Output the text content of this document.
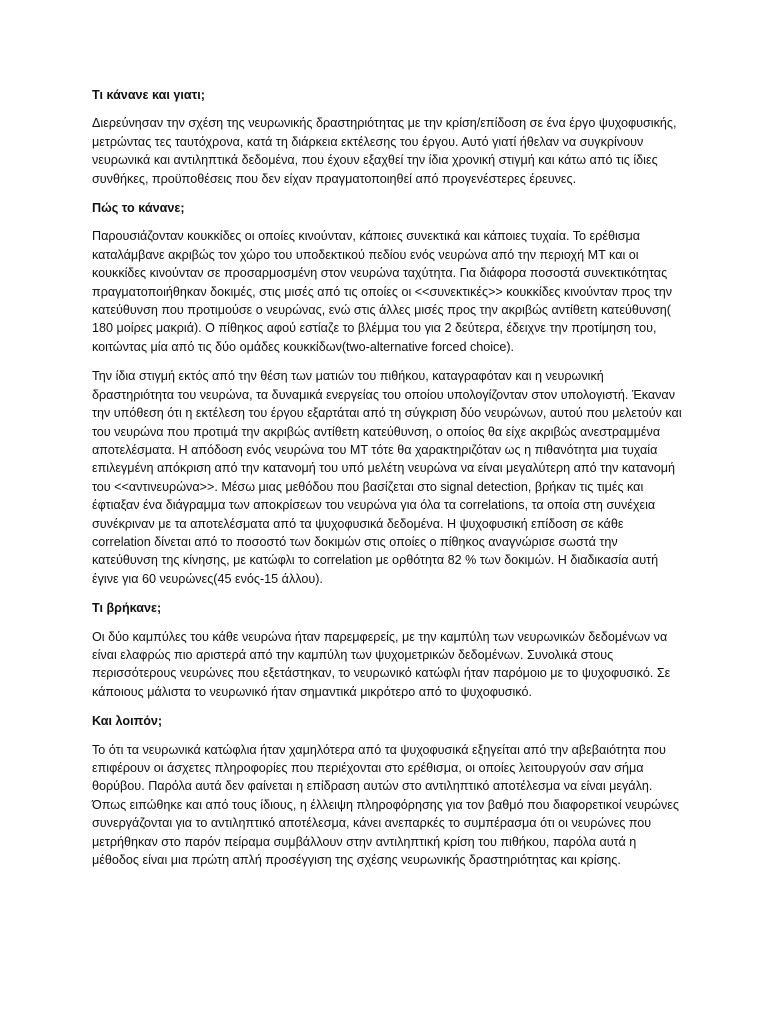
Τι κάνανε και γιατι;
Διερεύνησαν την σχέση της νευρωνικής δραστηριότητας με την κρίση/επίδοση σε ένα έργο ψυχοφυσικής, μετρώντας τες ταυτόχρονα, κατά τη διάρκεια εκτέλεσης του έργου. Αυτό γιατί ήθελαν να συγκρίνουν νευρωνικά και αντιληπτικά δεδομένα, που έχουν εξαχθεί την ίδια χρονική στιγμή και κάτω από τις ίδιες συνθήκες, προϋποθέσεις που δεν είχαν πραγματοποιηθεί από προγενέστερες έρευνες.
Πώς το κάνανε;
Παρουσιάζονταν κουκκίδες οι οποίες κινούνταν, κάποιες συνεκτικά και κάποιες τυχαία. Το ερέθισμα καταλάμβανε ακριβώς τον χώρο του υποδεκτικού πεδίου ενός νευρώνα από την περιοχή MT και οι κουκκίδες κινούνταν σε προσαρμοσμένη στον νευρώνα ταχύτητα. Για διάφορα ποσοστά συνεκτικότητας πραγματοποιήθηκαν δοκιμές, στις μισές από τις οποίες οι <<συνεκτικές>> κουκκίδες κινούνταν προς την κατεύθυνση που προτιμούσε ο νευρώνας, ενώ στις άλλες μισές προς την ακριβώς αντίθετη κατεύθυνση( 180 μοίρες μακριά). Ο πίθηκος αφού εστίαζε το βλέμμα του για 2 δεύτερα, έδειχνε την προτίμηση του, κοιτώντας μία από τις δύο ομάδες κουκκίδων(two-alternative forced choice).
Την ίδια στιγμή εκτός από την θέση των ματιών του πιθήκου, καταγραφόταν και η νευρωνική δραστηριότητα του νευρώνα, τα δυναμικά ενεργείας του οποίου υπολογίζονταν στον υπολογιστή. Έκαναν την υπόθεση ότι η εκτέλεση του έργου εξαρτάται από τη σύγκριση δύο νευρώνων, αυτού που μελετούν και του νευρώνα που προτιμά την ακριβώς αντίθετη κατεύθυνση, ο οποίος θα είχε ακριβώς ανεστραμμένα αποτελέσματα. Η απόδοση ενός νευρώνα του MT τότε θα χαρακτηριζόταν ως η πιθανότητα μια τυχαία επιλεγμένη απόκριση από την κατανομή του υπό μελέτη νευρώνα να είναι μεγαλύτερη από την κατανομή του <<αντινευρώνα>>. Μέσω μιας μεθόδου που βασίζεται στο signal detection, βρήκαν τις τιμές και έφτιαξαν ένα διάγραμμα των αποκρίσεων του νευρώνα για όλα τα correlations, τα οποία στη συνέχεια συνέκριναν με τα αποτελέσματα από τα ψυχοφυσικά δεδομένα. Η ψυχοφυσική επίδοση σε κάθε correlation δίνεται από το ποσοστό των δοκιμών στις οποίες ο πίθηκος αναγνώρισε σωστά την κατεύθυνση της κίνησης, με κατώφλι το correlation με ορθότητα 82 % των δοκιμών. Η διαδικασία αυτή έγινε για 60 νευρώνες(45 ενός-15 άλλου).
Τι βρήκανε;
Οι δύο καμπύλες του κάθε νευρώνα ήταν παρεμφερείς, με την καμπύλη των νευρωνικών δεδομένων να είναι ελαφρώς πιο αριστερά από την καμπύλη των ψυχομετρικών δεδομένων. Συνολικά στους περισσότερους νευρώνες που εξετάστηκαν, το νευρωνικό κατώφλι ήταν παρόμοιο με το ψυχοφυσικό. Σε κάποιους μάλιστα το νευρωνικό ήταν σημαντικά μικρότερο από το ψυχοφυσικό.
Και λοιπόν;
Το ότι τα νευρωνικά κατώφλια ήταν χαμηλότερα από τα ψυχοφυσικά εξηγείται από την αβεβαιότητα που επιφέρουν οι άσχετες πληροφορίες που περιέχονται στο ερέθισμα, οι οποίες λειτουργούν σαν σήμα θορύβου. Παρόλα αυτά δεν φαίνεται η επίδραση αυτών στο αντιληπτικό αποτέλεσμα να είναι μεγάλη. Όπως ειπώθηκε και από τους ίδιους, η έλλειψη πληροφόρησης για τον βαθμό που διαφορετικοί νευρώνες συνεργάζονται για το αντιληπτικό αποτέλεσμα, κάνει ανεπαρκές το συμπέρασμα ότι οι νευρώνες που μετρήθηκαν στο παρόν πείραμα συμβάλλουν στην αντιληπτική κρίση του πιθήκου, παρόλα αυτά η μέθοδος είναι μια πρώτη απλή προσέγγιση της σχέσης νευρωνικής δραστηριότητας και κρίσης.
